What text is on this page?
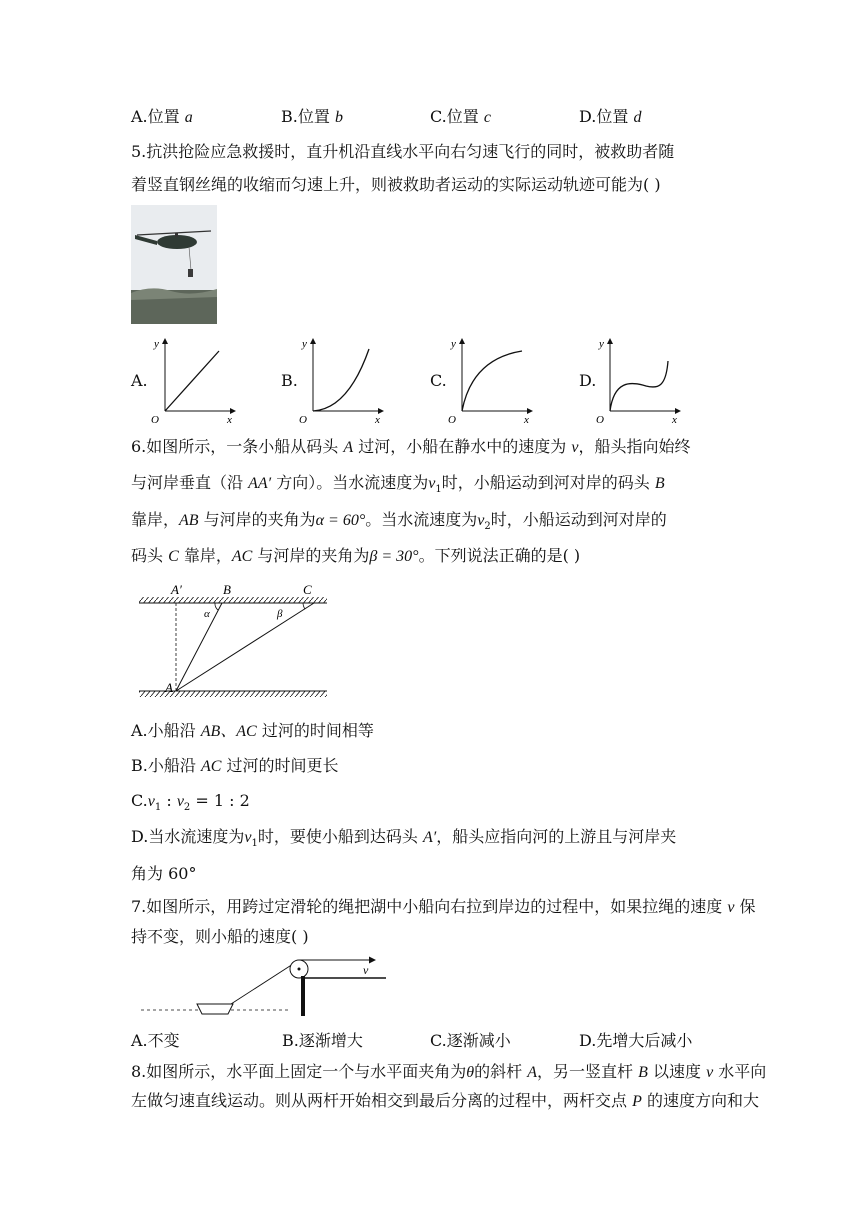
A.位置 a	B.位置 b	C.位置 c	D.位置 d
5.抗洪抢险应急救援时，直升机沿直线水平向右匀速飞行的同时，被救助者随
着竖直钢丝绳的收缩而匀速上升，则被救助者运动的实际运动轨迹可能为( )
A.	B.	C.	D.
y
x
O
y
x
O
y
x
O
y
x
O
6.如图所示，一条小船从码头 A 过河，小船在静水中的速度为 v，船头指向始终
与河岸垂直（沿 AA′ 方向）。当水流速度为$v_1$时，小船运动到河对岸的码头 B
靠岸，AB 与河岸的夹角为α = 60°。当水流速度为$v_2$时，小船运动到河对岸的
码头 C 靠岸，AC 与河岸的夹角为β = 30°。下列说法正确的是( )
A′	B	C
A
α	β
A.小船沿 AB、AC 过河的时间相等
B.小船沿 AC 过河的时间更长
$C.v_1$ : $v_2 = 1$ : 2
D.当水流速度为$v_1$时，要使小船到达码头 A′，船头应指向河的上游且与河岸夹
角为 60°
7.如图所示，用跨过定滑轮的绳把湖中小船向右拉到岸边的过程中，如果拉绳的速度 v 保
持不变，则小船的速度( )
v
A.不变	B.逐渐增大	C.逐渐减小	D.先增大后减小
8.如图所示，水平面上固定一个与水平面夹角为θ的斜杆 A，另一竖直杆 B 以速度 v 水平向
左做匀速直线运动。则从两杆开始相交到最后分离的过程中，两杆交点 P 的速度方向和大
